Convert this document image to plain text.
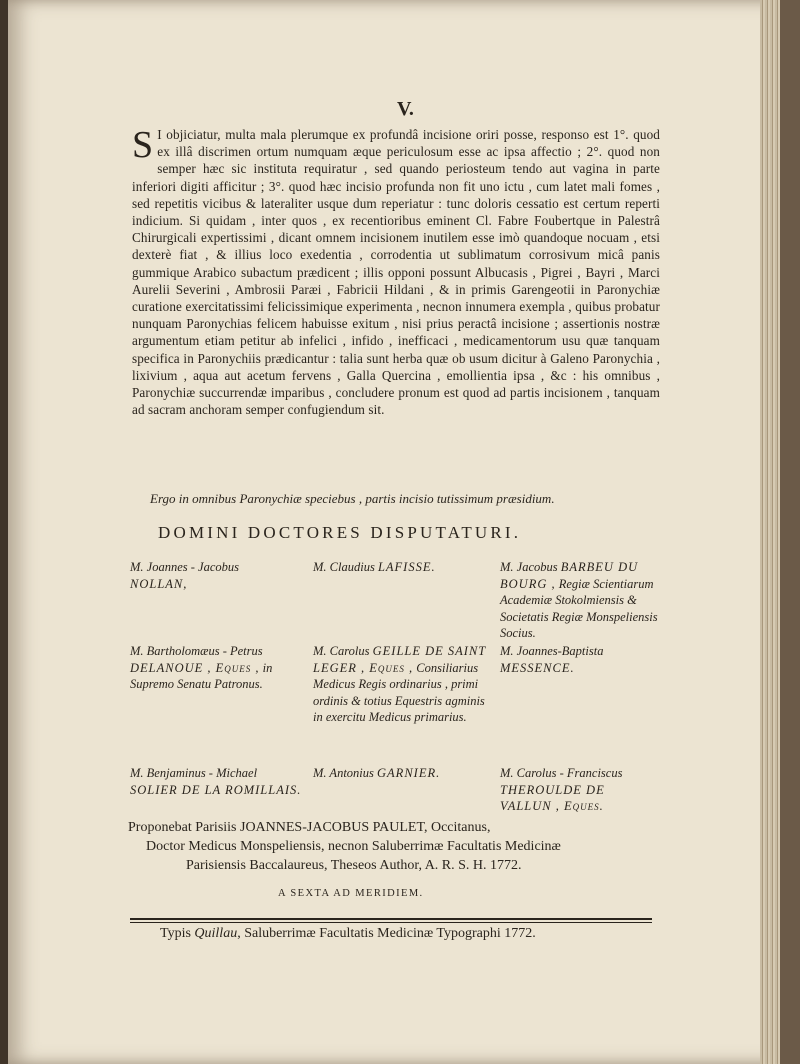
V.
S I objiciatur, multa mala plerumque ex profundâ incisione oriri posse, responso est 1°. quod ex illâ discrimen ortum numquam æque periculosum esse ac ipsa affectio ; 2°. quod non semper hæc sic instituta requiratur , sed quando periosteum tendo aut vagina in parte inferiori digiti afficitur ; 3°. quod hæc incisio profunda non fit uno ictu , cum latet mali fomes , sed repetitis vicibus & lateraliter usque dum reperiatur : tunc doloris cessatio est certum reperti indicium. Si quidam , inter quos , ex recentioribus eminent Cl. Fabre Foubertque in Palestrâ Chirurgicali expertissimi , dicant omnem incisionem inutilem esse imò quandoque nocuam , etsi dexterè fiat , & illius loco exedentia , corrodentia ut sublimatum corrosivum micâ panis gummique Arabico subactum prædicent ; illis opponi possunt Albucasis , Pigrei , Bayri , Marci Aurelii Severini , Ambrosii Paræi , Fabricii Hildani , & in primis Garengeotii in Paronychiæ curatione exercitatissimi felicissimique experimenta , necnon innumera exempla , quibus probatur nunquam Paronychias felicem habuisse exitum , nisi prius peractâ incisione ; assertionis nostræ argumentum etiam petitur ab infelici , infido , inefficaci , medicamentorum usu quæ tanquam specifica in Paronychiis prædicantur : talia sunt herba quæ ob usum dicitur à Galeno Paronychia , lixivium , aqua aut acetum fervens , Galla Quercina , emollientia ipsa , &c : his omnibus , Paronychiæ succurrendæ imparibus , concludere pronum est quod ad partis incisionem , tanquam ad sacram anchoram semper confugiendum sit.
Ergo in omnibus Paronychiæ speciebus , partis incisio tutissimum præsidium.
DOMINI DOCTORES DISPUTATURI.
M. Joannes - Jacobus
NOLLAN,
M. Claudius LAFISSE.	M. Jacobus BARBEU DU BOURG , Regiæ Scientiarum Academiæ Stokolmiensis & Societatis Regiæ Monspeliensis Socius.
M. Bartholomæus - Petrus DELANOUE , Eques , in Supremo Senatu Patronus.
M. Carolus GEILLE DE SAINT LEGER , Eques , Consiliarius Medicus Regis ordinarius , primi ordinis & totius Equestris agminis in exercitu Medicus primarius.
M. Joannes-Baptista MESSENCE.
M. Benjaminus - Michael SOLIER DE LA ROMILLAIS.
M. Antonius GARNIER.	M. Carolus - Franciscus THEROULDE DE VALLUN , Eques.
Proponebat Parisiis JOANNES-JACOBUS PAULET, Occitanus,
Doctor Medicus Monspeliensis, necnon Saluberrimæ Facultatis Medicinæ
Parisiensis Baccalaureus, Theseos Author, A. R. S. H. 1772.
A SEXTA AD MERIDIEM.
Typis Quillau, Saluberrimæ Facultatis Medicinæ Typographi 1772.
